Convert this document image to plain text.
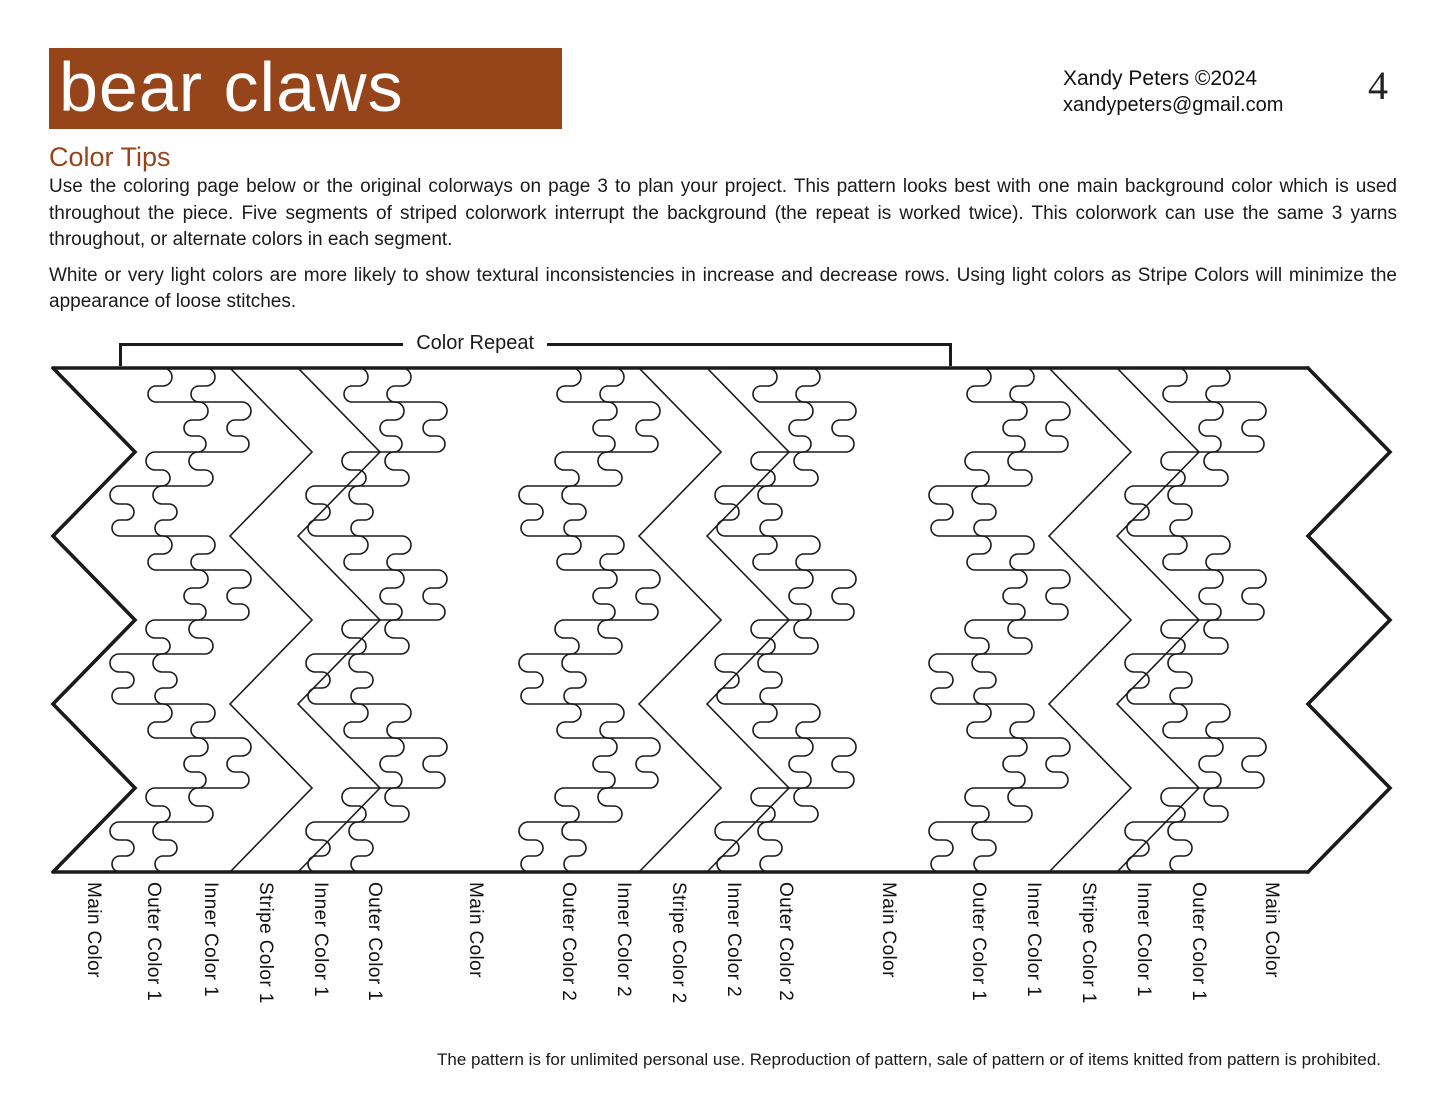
bear claws	Xandy Peters ©2024
xandypeters@gmail.com 4
Color Tips

Use the coloring page below or the original colorways on page 3 to plan your project. This pattern looks best with one main background color which is used throughout the piece. Five segments of striped colorwork interrupt the background (the repeat is worked twice). This colorwork can use the same 3 yarns throughout, or alternate colors in each segment.

White or very light colors are more likely to show textural inconsistencies in increase and decrease rows. Using light colors as Stripe Colors will minimize the appearance of loose stitches.

Color Repeat
Main Color Outer Color 1 Inner Color 1 Stripe Color 1 Inner Color 1 Outer Color 1	Main Color	Outer Color 2 Inner Color 2 Stripe Color 2 Inner Color 2 Outer Color 2	Main Color	Outer Color 1 Inner Color 1 Stripe Color 1 Inner Color 1 Outer Color 1	Main Color
The pattern is for unlimited personal use. Reproduction of pattern, sale of pattern or of items knitted from pattern is prohibited.
